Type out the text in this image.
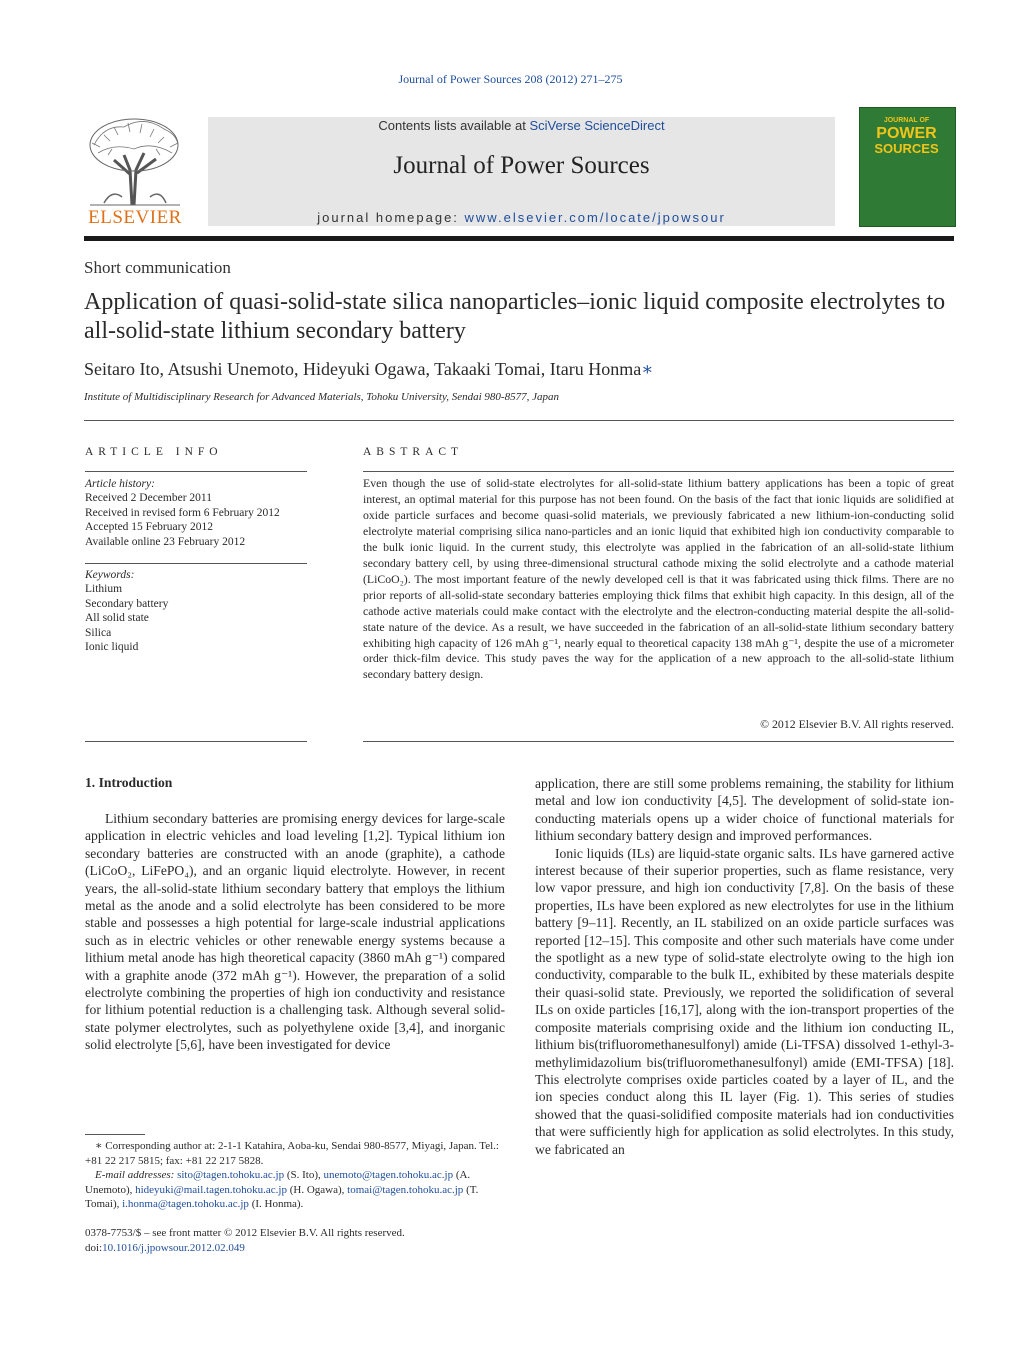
Journal of Power Sources 208 (2012) 271–275
ELSEVIER
Contents lists available at SciVerse ScienceDirect
Journal of Power Sources
journal homepage: www.elsevier.com/locate/jpowsour
JOURNAL OF
POWER
SOURCES
Short communication
Application of quasi-solid-state silica nanoparticles–ionic liquid composite electrolytes to all-solid-state lithium secondary battery
Seitaro Ito, Atsushi Unemoto, Hideyuki Ogawa, Takaaki Tomai, Itaru Honma∗
Institute of Multidisciplinary Research for Advanced Materials, Tohoku University, Sendai 980-8577, Japan
ARTICLE INFO
Article history:
Received 2 December 2011
Received in revised form 6 February 2012
Accepted 15 February 2012
Available online 23 February 2012
Keywords:
Lithium
Secondary battery
All solid state
Silica
Ionic liquid
ABSTRACT
Even though the use of solid-state electrolytes for all-solid-state lithium battery applications has been a topic of great interest, an optimal material for this purpose has not been found. On the basis of the fact that ionic liquids are solidified at oxide particle surfaces and become quasi-solid materials, we previously fabricated a new lithium-ion-conducting solid electrolyte material comprising silica nano-particles and an ionic liquid that exhibited high ion conductivity comparable to the bulk ionic liquid. In the current study, this electrolyte was applied in the fabrication of an all-solid-state lithium secondary battery cell, by using three-dimensional structural cathode mixing the solid electrolyte and a cathode material (LiCoO₂). The most important feature of the newly developed cell is that it was fabricated using thick films. There are no prior reports of all-solid-state secondary batteries employing thick films that exhibit high capacity. In this design, all of the cathode active materials could make contact with the electrolyte and the electron-conducting material despite the all-solid-state nature of the device. As a result, we have succeeded in the fabrication of an all-solid-state lithium secondary battery exhibiting high capacity of 126 mAh g⁻¹, nearly equal to theoretical capacity 138 mAh g⁻¹, despite the use of a micrometer order thick-film device. This study paves the way for the application of a new approach to the all-solid-state lithium secondary battery design.
© 2012 Elsevier B.V. All rights reserved.
1. Introduction

Lithium secondary batteries are promising energy devices for large-scale application in electric vehicles and load leveling [1,2]. Typical lithium ion secondary batteries are constructed with an anode (graphite), a cathode (LiCoO₂, LiFePO₄), and an organic liquid electrolyte. However, in recent years, the all-solid-state lithium secondary battery that employs the lithium metal as the anode and a solid electrolyte has been considered to be more stable and possesses a high potential for large-scale industrial applications such as in electric vehicles or other renewable energy systems because a lithium metal anode has high theoretical capacity (3860 mAh g⁻¹) compared with a graphite anode (372 mAh g⁻¹). However, the preparation of a solid electrolyte combining the properties of high ion conductivity and resistance for lithium potential reduction is a challenging task. Although several solid-state polymer electrolytes, such as polyethylene oxide [3,4], and inorganic solid electrolyte [5,6], have been investigated for device

application, there are still some problems remaining, the stability for lithium metal and low ion conductivity [4,5]. The development of solid-state ion-conducting materials opens up a wider choice of functional materials for lithium secondary battery design and improved performances.

Ionic liquids (ILs) are liquid-state organic salts. ILs have garnered active interest because of their superior properties, such as flame resistance, very low vapor pressure, and high ion conductivity [7,8]. On the basis of these properties, ILs have been explored as new electrolytes for use in the lithium battery [9–11]. Recently, an IL stabilized on an oxide particle surfaces was reported [12–15]. This composite and other such materials have come under the spotlight as a new type of solid-state electrolyte owing to the high ion conductivity, comparable to the bulk IL, exhibited by these materials despite their quasi-solid state. Previously, we reported the solidification of several ILs on oxide particles [16,17], along with the ion-transport properties of the composite materials comprising oxide and the lithium ion conducting IL, lithium bis(trifluoromethanesulfonyl) amide (Li-TFSA) dissolved 1-ethyl-3-methylimidazolium bis(trifluoromethanesulfonyl) amide (EMI-TFSA) [18]. This electrolyte comprises oxide particles coated by a layer of IL, and the ion species conduct along this IL layer (Fig. 1). This series of studies showed that the quasi-solidified composite materials had ion conductivities that were sufficiently high for application as solid electrolytes. In this study, we fabricated an

∗ Corresponding author at: 2-1-1 Katahira, Aoba-ku, Sendai 980-8577, Miyagi, Japan. Tel.: +81 22 217 5815; fax: +81 22 217 5828.
E-mail addresses: sito@tagen.tohoku.ac.jp (S. Ito), unemoto@tagen.tohoku.ac.jp (A. Unemoto), hideyuki@mail.tagen.tohoku.ac.jp (H. Ogawa), tomai@tagen.tohoku.ac.jp (T. Tomai), i.honma@tagen.tohoku.ac.jp (I. Honma).
0378-7753/$ – see front matter © 2012 Elsevier B.V. All rights reserved.
doi:10.1016/j.jpowsour.2012.02.049
